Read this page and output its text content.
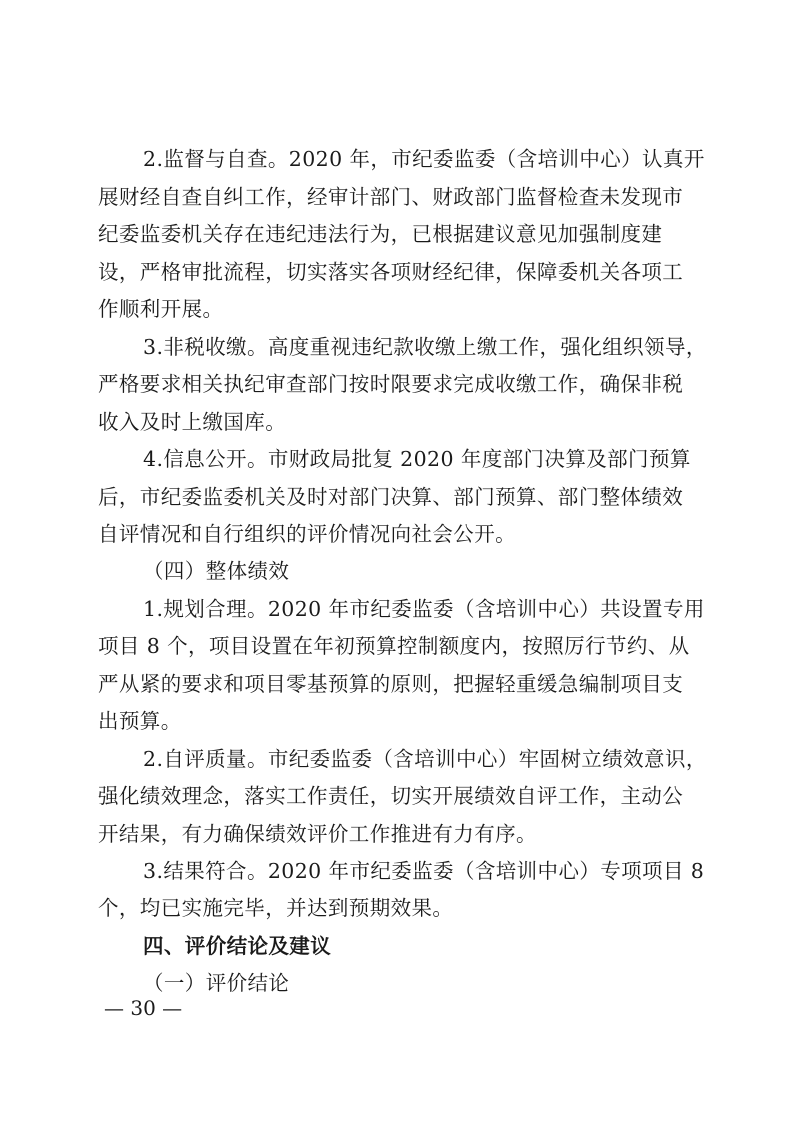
2.监督与自查。2020 年，市纪委监委（含培训中心）认真开
展财经自查自纠工作，经审计部门、财政部门监督检查未发现市
纪委监委机关存在违纪违法行为，已根据建议意见加强制度建
设，严格审批流程，切实落实各项财经纪律，保障委机关各项工
作顺利开展。
3.非税收缴。高度重视违纪款收缴上缴工作，强化组织领导，
严格要求相关执纪审查部门按时限要求完成收缴工作，确保非税
收入及时上缴国库。
4.信息公开。市财政局批复 2020 年度部门决算及部门预算
后，市纪委监委机关及时对部门决算、部门预算、部门整体绩效
自评情况和自行组织的评价情况向社会公开。
（四）整体绩效
1.规划合理。2020 年市纪委监委（含培训中心）共设置专用
项目 8 个，项目设置在年初预算控制额度内，按照厉行节约、从
严从紧的要求和项目零基预算的原则，把握轻重缓急编制项目支
出预算。
2.自评质量。市纪委监委（含培训中心）牢固树立绩效意识，
强化绩效理念，落实工作责任，切实开展绩效自评工作，主动公
开结果，有力确保绩效评价工作推进有力有序。
3.结果符合。2020 年市纪委监委（含培训中心）专项项目 8
个，均已实施完毕，并达到预期效果。
四、评价结论及建议
（一）评价结论
— 30 —
